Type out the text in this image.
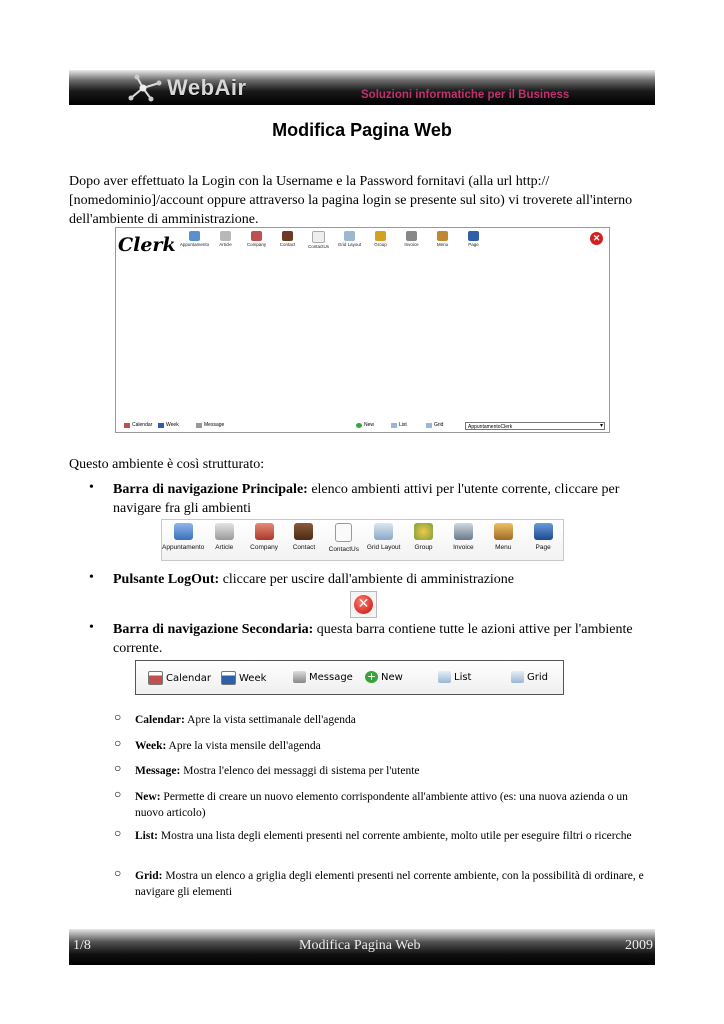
WebAir	Soluzioni informatiche per il Business
Modifica Pagina Web

Dopo aver effettuato la Login con la Username e la Password fornitavi (alla url http:// [nomedominio]/account oppure attraverso la pagina login se presente sul sito) vi troverete all'interno dell'ambiente di amministrazione.

Clerk Appuntamento	Article	Company	Contact	ContactUs	Grid Layout	Group	Invoice	Menu	Page
✕
Calendar	Week	Message	New	List	Grid	AppuntamentoClerk ▾

Questo ambiente è così strutturato:

• Barra di navigazione Principale: elenco ambienti attivi per l'utente corrente, cliccare per navigare fra gli ambienti

Appuntamento	Article	Company	Contact	ContactUs	Grid Layout	Group	Invoice	Menu	Page
• Pulsante LogOut: cliccare per uscire dall'ambiente di amministrazione

✕
• Barra di navigazione Secondaria: questa barra contiene tutte le azioni attive per l'ambiente corrente.

Calendar	Week	Message + New	List	Grid
○ Calendar: Apre la vista settimanale dell'agenda

○ Week: Apre la vista mensile dell'agenda

○ Message: Mostra l'elenco dei messaggi di sistema per l'utente

○ New: Permette di creare un nuovo elemento corrispondente all'ambiente attivo (es: una nuova azienda o un nuovo articolo)

○ List: Mostra una lista degli elementi presenti nel corrente ambiente, molto utile per eseguire filtri o ricerche

○ Grid: Mostra un elenco a griglia degli elementi presenti nel corrente ambiente, con la possibilità di ordinare, e navigare gli elementi

1/8	Modifica Pagina Web	2009
